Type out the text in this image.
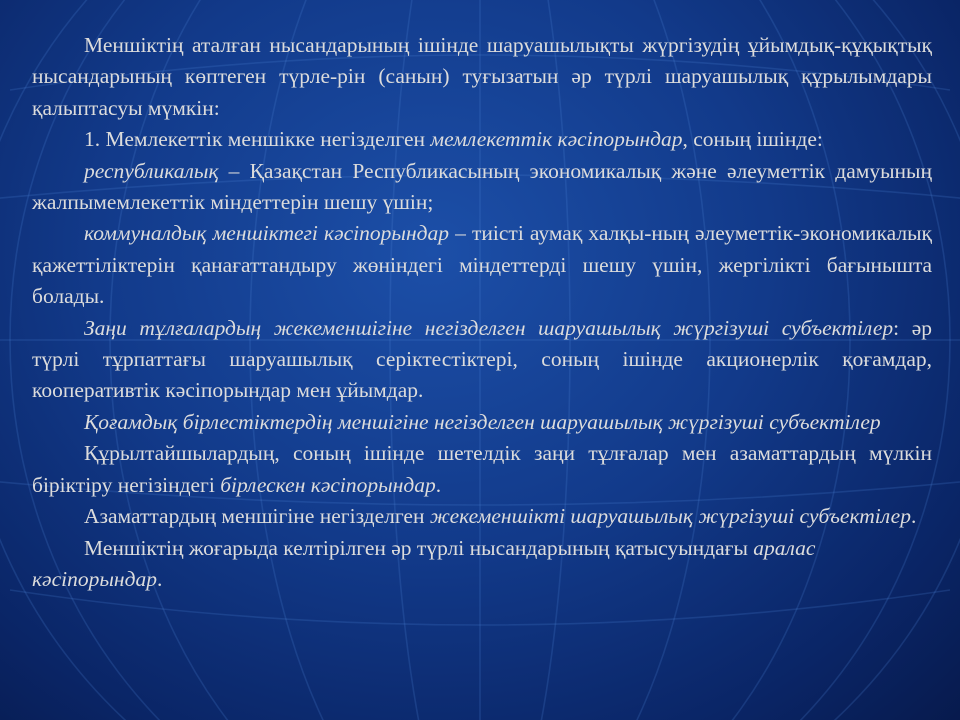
Меншіктің аталған нысандарының ішінде шаруашылықты жүргізудің ұйымдық-құқықтық нысандарының көптеген түрле-рін (санын) туғызатын әр түрлі шаруашылық құрылымдары қалыптасуы мүмкін:

1. Мемлекеттік меншікке негізделген мемлекеттік кәсіпорындар, соның ішінде:

республикалық – Қазақстан Республикасының экономикалық және әлеуметтік дамуының жалпымемлекеттік міндеттерін шешу үшін;

коммуналдық меншіктегі кәсіпорындар – тиісті аумақ халқы-ның әлеуметтік-экономикалық қажеттіліктерін қанағаттандыру жөніндегі міндеттерді шешу үшін, жергілікті бағыныштa болады.

Заңи тұлғалардың жекеменшігіне негізделген шаруашылық жүргізуші субъектілер: әр түрлі тұрпаттағы шаруашылық серіктестіктері, соның ішінде акционерлік қоғамдар, кооперативтік кәсіпорындар мен ұйымдар.

Қоғамдық бірлестіктердің меншігіне негізделген шаруашылық жүргізуші субъектілер

Құрылтайшылардың, соның ішінде шетелдік заңи тұлғалар мен азаматтардың мүлкін біріктіру негізіндегі бірлескен кәсіпорындар.

Азаматтардың меншігіне негізделген жекеменшікті шаруашылық жүргізуші субъектілер.

Меншіктің жоғарыда келтірілген әр түрлі нысандарының қатысуындағы аралас кәсіпорындар.
